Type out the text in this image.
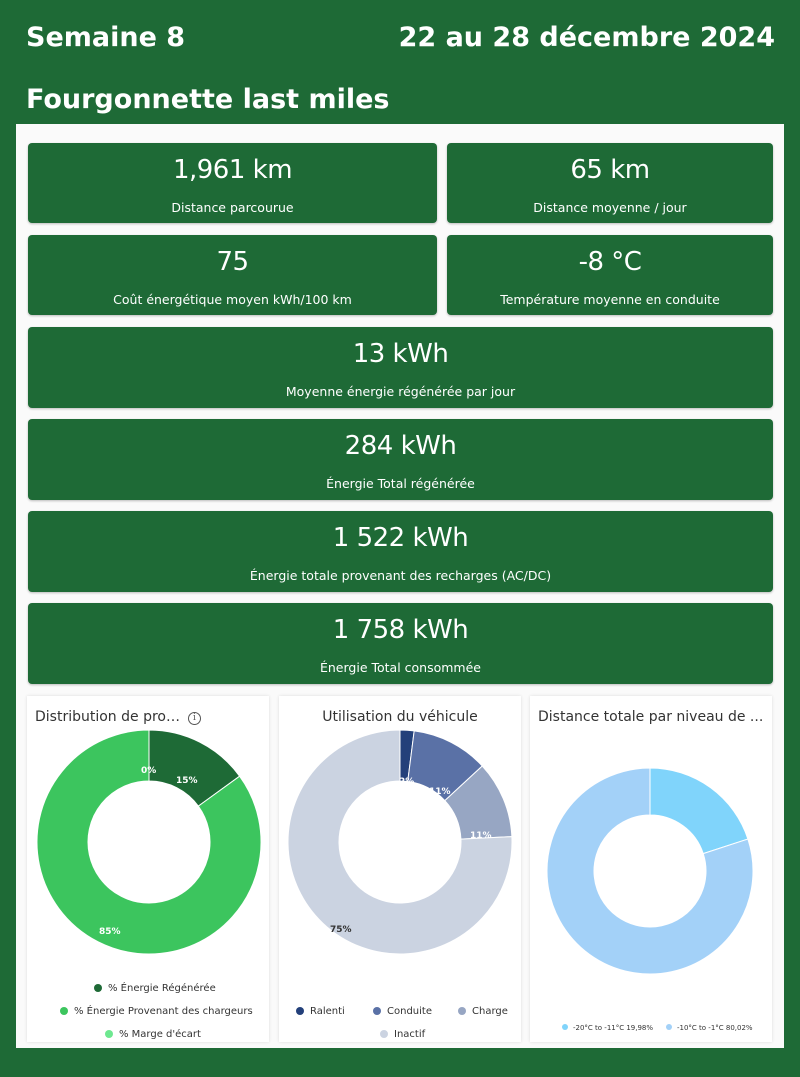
Semaine 8	22 au 28 décembre 2024
Fourgonnette last miles
1,961 km
Distance parcourue
65 km
Distance moyenne / jour
75
Coût énergétique moyen kWh/100 km
-8 °C
Température moyenne en conduite
13 kWh
Moyenne énergie régénérée par jour
284 kWh
Énergie Total régénérée
1 522 kWh
Énergie totale provenant des recharges (AC/DC)
1 758 kWh
Énergie Total consommée
Distribution de pro… i
15%
85%
0%
% Énergie Régénérée
% Énergie Provenant des chargeurs
% Marge d'écart
Utilisation du véhicule
2%
11%
11%
75%
Ralenti	Conduite	Charge
Inactif
Distance totale par niveau de ...
-20°C to -11°C 19,98%	-10°C to -1°C 80,02%
